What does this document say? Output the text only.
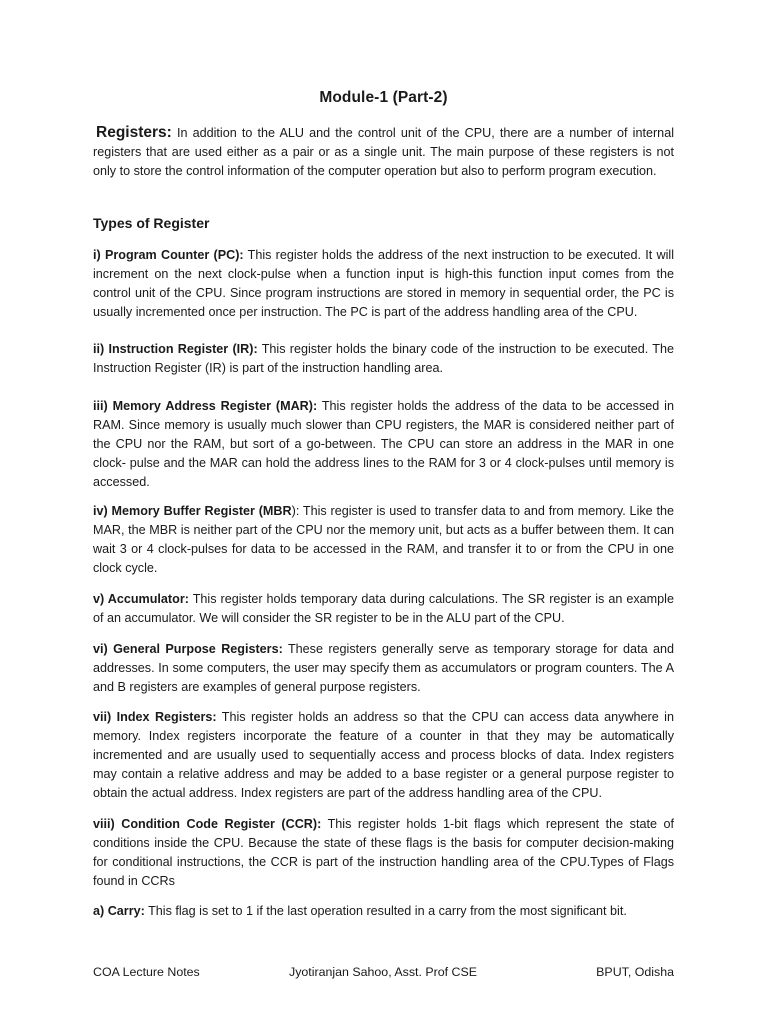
Module-1 (Part-2)

Registers: In addition to the ALU and the control unit of the CPU, there are a number of internal registers that are used either as a pair or as a single unit. The main purpose of these registers is not only to store the control information of the computer operation but also to perform program execution.

Types of Register

i) Program Counter (PC): This register holds the address of the next instruction to be executed. It will increment on the next clock-pulse when a function input is high-this function input comes from the control unit of the CPU. Since program instructions are stored in memory in sequential order, the PC is usually incremented once per instruction. The PC is part of the address handling area of the CPU.

ii) Instruction Register (IR): This register holds the binary code of the instruction to be executed. The Instruction Register (IR) is part of the instruction handling area.

iii) Memory Address Register (MAR): This register holds the address of the data to be accessed in RAM. Since memory is usually much slower than CPU registers, the MAR is considered neither part of the CPU nor the RAM, but sort of a go-between. The CPU can store an address in the MAR in one clock- pulse and the MAR can hold the address lines to the RAM for 3 or 4 clock-pulses until memory is accessed.

iv) Memory Buffer Register (MBR): This register is used to transfer data to and from memory. Like the MAR, the MBR is neither part of the CPU nor the memory unit, but acts as a buffer between them. It can wait 3 or 4 clock-pulses for data to be accessed in the RAM, and transfer it to or from the CPU in one clock cycle.

v) Accumulator: This register holds temporary data during calculations. The SR register is an example of an accumulator. We will consider the SR register to be in the ALU part of the CPU.

vi) General Purpose Registers: These registers generally serve as temporary storage for data and addresses. In some computers, the user may specify them as accumulators or program counters. The A and B registers are examples of general purpose registers.

vii) Index Registers: This register holds an address so that the CPU can access data anywhere in memory. Index registers incorporate the feature of a counter in that they may be automatically incremented and are usually used to sequentially access and process blocks of data. Index registers may contain a relative address and may be added to a base register or a general purpose register to obtain the actual address. Index registers are part of the address handling area of the CPU.

viii) Condition Code Register (CCR): This register holds 1-bit flags which represent the state of conditions inside the CPU. Because the state of these flags is the basis for computer decision-making for conditional instructions, the CCR is part of the instruction handling area of the CPU.Types of Flags found in CCRs

a) Carry: This flag is set to 1 if the last operation resulted in a carry from the most significant bit.

COA Lecture Notes	Jyotiranjan Sahoo, Asst. Prof CSE	BPUT, Odisha
